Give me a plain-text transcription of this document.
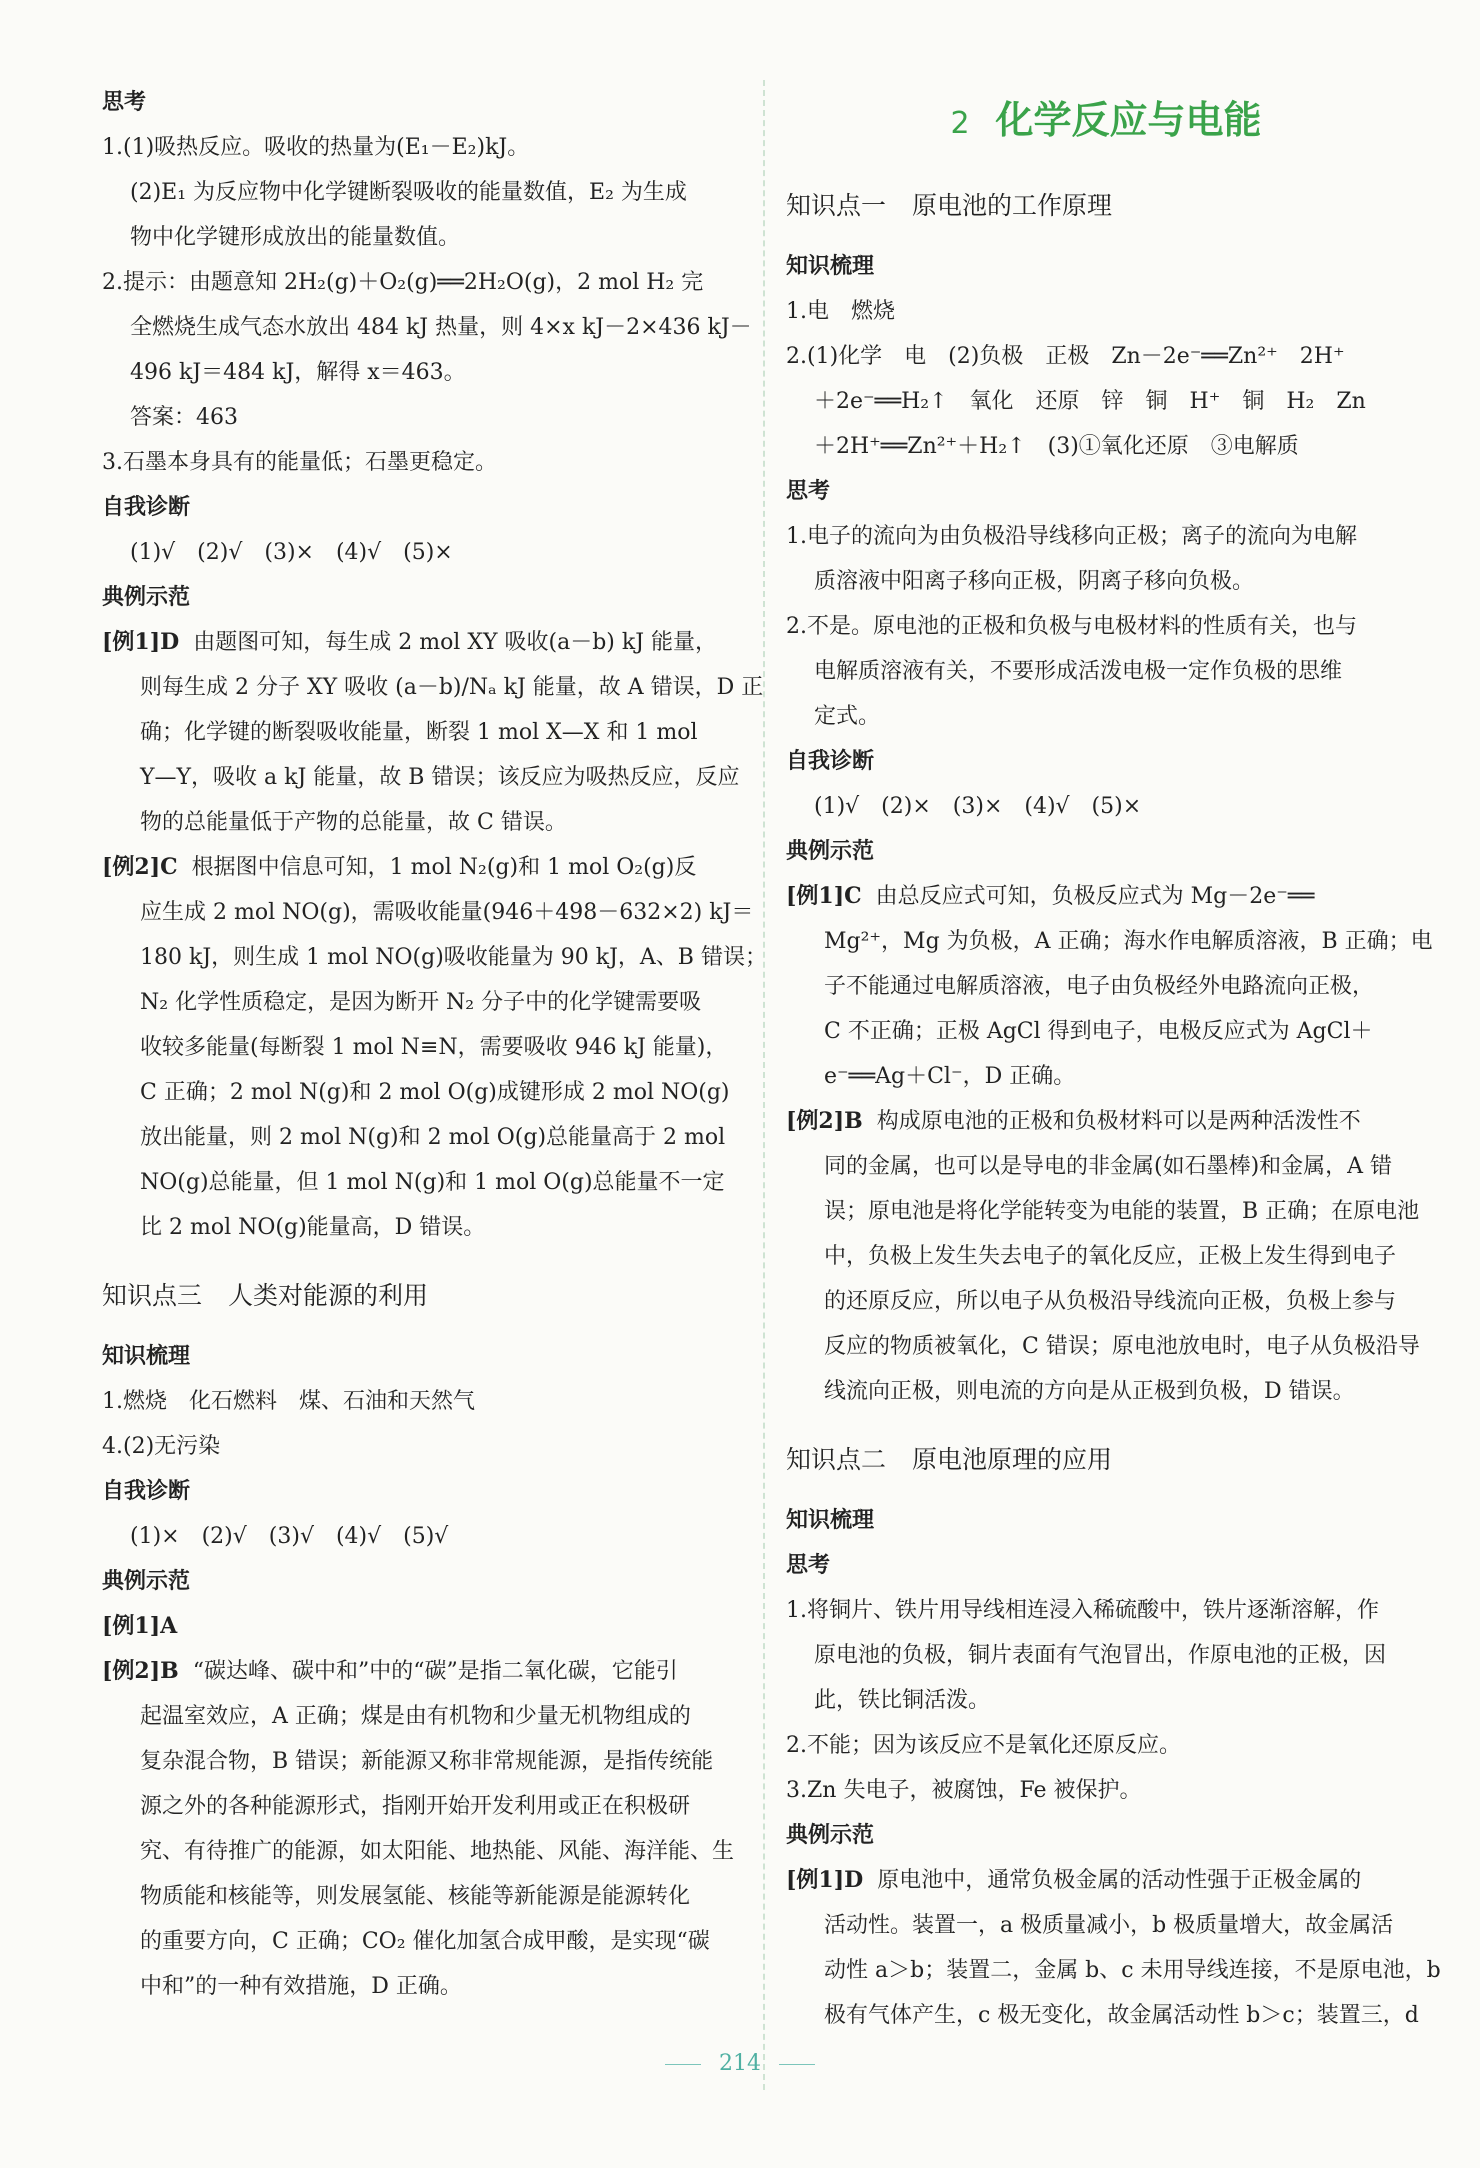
思考
1.(1)吸热反应。吸收的热量为(E₁－E₂)kJ。
(2)E₁ 为反应物中化学键断裂吸收的能量数值，E₂ 为生成
物中化学键形成放出的能量数值。
2.提示：由题意知 2H₂(g)＋O₂(g)══2H₂O(g)，2 mol H₂ 完
全燃烧生成气态水放出 484 kJ 热量，则 4×x kJ－2×436 kJ－
496 kJ＝484 kJ，解得 x＝463。
答案：463
3.石墨本身具有的能量低；石墨更稳定。
自我诊断
(1)√　(2)√　(3)×　(4)√　(5)×
典例示范
[例1]D 由题图可知，每生成 2 mol XY 吸收(a－b) kJ 能量，
则每生成 2 分子 XY 吸收 (a－b)/Nₐ kJ 能量，故 A 错误，D 正
确；化学键的断裂吸收能量，断裂 1 mol X—X 和 1 mol
Y—Y，吸收 a kJ 能量，故 B 错误；该反应为吸热反应，反应
物的总能量低于产物的总能量，故 C 错误。
[例2]C 根据图中信息可知，1 mol N₂(g)和 1 mol O₂(g)反
应生成 2 mol NO(g)，需吸收能量(946＋498－632×2) kJ＝
180 kJ，则生成 1 mol NO(g)吸收能量为 90 kJ，A、B 错误；
N₂ 化学性质稳定，是因为断开 N₂ 分子中的化学键需要吸
收较多能量(每断裂 1 mol N≡N，需要吸收 946 kJ 能量)，
C 正确；2 mol N(g)和 2 mol O(g)成键形成 2 mol NO(g)
放出能量，则 2 mol N(g)和 2 mol O(g)总能量高于 2 mol
NO(g)总能量，但 1 mol N(g)和 1 mol O(g)总能量不一定
比 2 mol NO(g)能量高，D 错误。
知识点三 人类对能源的利用
知识梳理
1.燃烧　化石燃料　煤、石油和天然气
4.(2)无污染
自我诊断
(1)×　(2)√　(3)√　(4)√　(5)√
典例示范
[例1]A
[例2]B “碳达峰、碳中和”中的“碳”是指二氧化碳，它能引
起温室效应，A 正确；煤是由有机物和少量无机物组成的
复杂混合物，B 错误；新能源又称非常规能源，是指传统能
源之外的各种能源形式，指刚开始开发利用或正在积极研
究、有待推广的能源，如太阳能、地热能、风能、海洋能、生
物质能和核能等，则发展氢能、核能等新能源是能源转化
的重要方向，C 正确；CO₂ 催化加氢合成甲酸，是实现“碳
中和”的一种有效措施，D 正确。
2 化学反应与电能
知识点一 原电池的工作原理
知识梳理
1.电　燃烧
2.(1)化学　电　(2)负极　正极　Zn－2e⁻══Zn²⁺　2H⁺
＋2e⁻══H₂↑　氧化　还原　锌　铜　H⁺　铜　H₂　Zn
＋2H⁺══Zn²⁺＋H₂↑　(3)①氧化还原　③电解质
思考
1.电子的流向为由负极沿导线移向正极；离子的流向为电解
质溶液中阳离子移向正极，阴离子移向负极。
2.不是。原电池的正极和负极与电极材料的性质有关，也与
电解质溶液有关，不要形成活泼电极一定作负极的思维
定式。
自我诊断
(1)√　(2)×　(3)×　(4)√　(5)×
典例示范
[例1]C 由总反应式可知，负极反应式为 Mg－2e⁻══
Mg²⁺，Mg 为负极，A 正确；海水作电解质溶液，B 正确；电
子不能通过电解质溶液，电子由负极经外电路流向正极，
C 不正确；正极 AgCl 得到电子，电极反应式为 AgCl＋
e⁻══Ag＋Cl⁻，D 正确。
[例2]B 构成原电池的正极和负极材料可以是两种活泼性不
同的金属，也可以是导电的非金属(如石墨棒)和金属，A 错
误；原电池是将化学能转变为电能的装置，B 正确；在原电池
中，负极上发生失去电子的氧化反应，正极上发生得到电子
的还原反应，所以电子从负极沿导线流向正极，负极上参与
反应的物质被氧化，C 错误；原电池放电时，电子从负极沿导
线流向正极，则电流的方向是从正极到负极，D 错误。
知识点二 原电池原理的应用
知识梳理
思考
1.将铜片、铁片用导线相连浸入稀硫酸中，铁片逐渐溶解，作
原电池的负极，铜片表面有气泡冒出，作原电池的正极，因
此，铁比铜活泼。
2.不能；因为该反应不是氧化还原反应。
3.Zn 失电子，被腐蚀，Fe 被保护。
典例示范
[例1]D 原电池中，通常负极金属的活动性强于正极金属的
活动性。装置一，a 极质量减小，b 极质量增大，故金属活
动性 a＞b；装置二，金属 b、c 未用导线连接，不是原电池，b
极有气体产生，c 极无变化，故金属活动性 b＞c；装置三，d
214
